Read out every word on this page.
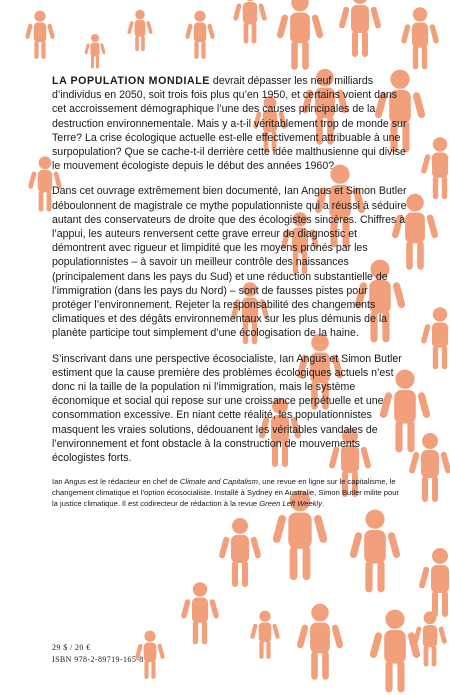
LA POPULATION MONDIALE devrait dépasser les neuf milliards d’individus en 2050, soit trois fois plus qu’en 1950, et certains voient dans cet accroissement démographique l’une des causes principales de la destruction environnementale. Mais y a-t-il véritablement trop de monde sur Terre? La crise écologique actuelle est-elle effectivement attribuable à une surpopulation? Que se cache-t-il derrière cette idée malthusienne qui divise le mouvement écologiste depuis le début des années 1960?

Dans cet ouvrage extrêmement bien documenté, Ian Angus et Simon Butler déboulonnent de magistrale ce mythe populationniste qui a réussi à séduire autant des conservateurs de droite que des écologistes sincères. Chiffres à l’appui, les auteurs renversent cette grave erreur de diagnostic et démontrent avec rigueur et limpidité que les moyens prônés par les populationnistes – à savoir un meilleur contrôle des naissances (principalement dans les pays du Sud) et une réduction substantielle de l’immigration (dans les pays du Nord) – sont de fausses pistes pour protéger l’environnement. Rejeter la responsabilité des changements climatiques et des dégâts environnementaux sur les plus démunis de la planète participe tout simplement d’une écologisation de la haine.

S’inscrivant dans une perspective écosocialiste, Ian Angus et Simon Butler estiment que la cause première des problèmes écologiques actuels n’est donc ni la taille de la population ni l’immigration, mais le système économique et social qui repose sur une croissance perpétuelle et une consommation excessive. En niant cette réalité, les populationnistes masquent les vraies solutions, dédouanent les véritables vandales de l’environnement et font obstacle à la construction de mouvements écologistes forts.

Ian Angus est le rédacteur en chef de Climate and Capitalism, une revue en ligne sur le capitalisme, le changement climatique et l’option écosocialiste. Installé à Sydney en Australie, Simon Butler milite pour la justice climatique. Il est codirecteur de rédaction à la revue Green Left Weekly.

29 $ / 20 €
ISBN 978-2-89719-165-8
